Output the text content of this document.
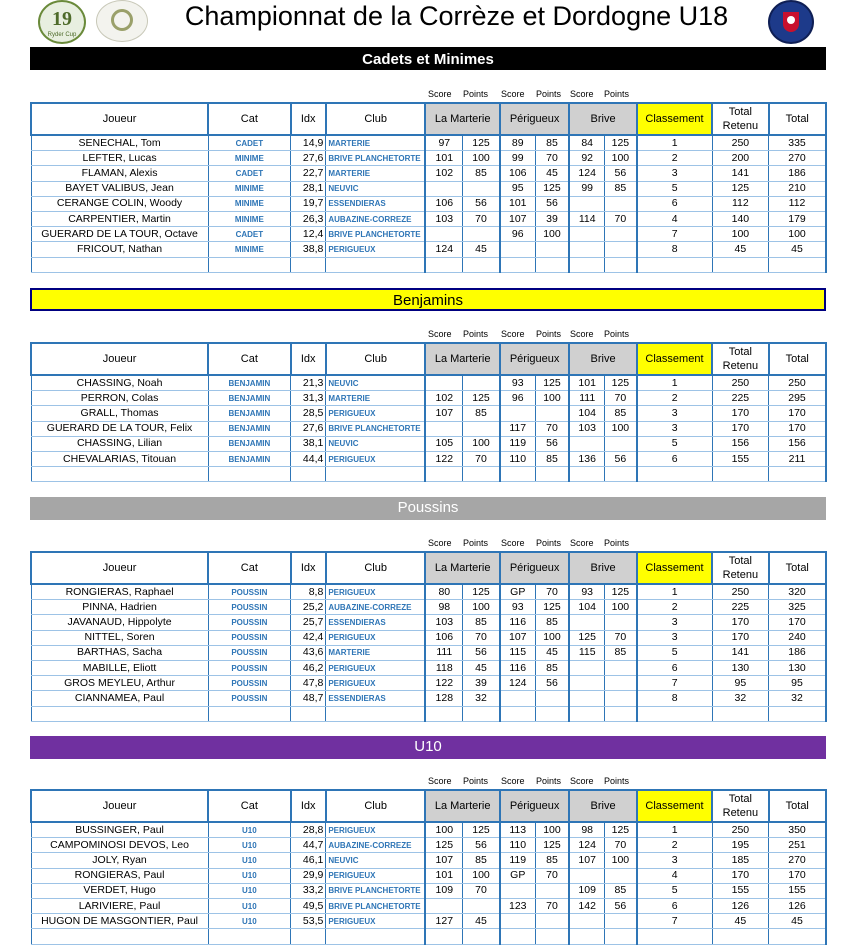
19
Ryder Cup
Championnat de la Corrèze et Dordogne U18
Cadets et Minimes
Score Points Score Points Score Points
Joueur	Cat	Idx	Club	La Marterie		Périgueux		Brive		Classement	Total Retenu	Total
SENECHAL, Tom	CADET	14,9	MARTERIE	97	125	89	85	84	125	1	250	335
LEFTER, Lucas	MINIME	27,6	BRIVE PLANCHETORTE	101	100	99	70	92	100	2	200	270
FLAMAN, Alexis	CADET	22,7	MARTERIE	102	85	106	45	124	56	3	141	186
BAYET VALIBUS, Jean	MINIME	28,1	NEUVIC			95	125	99	85	5	125	210
CERANGE COLIN, Woody	MINIME	19,7	ESSENDIERAS	106	56	101	56			6	112	112
CARPENTIER, Martin	MINIME	26,3	AUBAZINE-CORREZE	103	70	107	39	114	70	4	140	179
GUERARD DE LA TOUR, Octave	CADET	12,4	BRIVE PLANCHETORTE			96	100			7	100	100
FRICOUT, Nathan	MINIME	38,8	PERIGUEUX	124	45					8	45	45

Benjamins
Score Points Score Points Score Points
Joueur	Cat	Idx	Club	La Marterie		Périgueux		Brive		Classement	Total Retenu	Total
CHASSING, Noah	BENJAMIN	21,3	NEUVIC			93	125	101	125	1	250	250
PERRON, Colas	BENJAMIN	31,3	MARTERIE	102	125	96	100	111	70	2	225	295
GRALL, Thomas	BENJAMIN	28,5	PERIGUEUX	107	85			104	85	3	170	170
GUERARD DE LA TOUR, Felix	BENJAMIN	27,6	BRIVE PLANCHETORTE			117	70	103	100	3	170	170
CHASSING, Lilian	BENJAMIN	38,1	NEUVIC	105	100	119	56			5	156	156
CHEVALARIAS, Titouan	BENJAMIN	44,4	PERIGUEUX	122	70	110	85	136	56	6	155	211

Poussins
Score Points Score Points Score Points
Joueur	Cat	Idx	Club	La Marterie		Périgueux		Brive		Classement	Total Retenu	Total
RONGIERAS, Raphael	POUSSIN	8,8	PERIGUEUX	80	125	GP	70	93	125	1	250	320
PINNA, Hadrien	POUSSIN	25,2	AUBAZINE-CORREZE	98	100	93	125	104	100	2	225	325
JAVANAUD, Hippolyte	POUSSIN	25,7	ESSENDIERAS	103	85	116	85			3	170	170
NITTEL, Soren	POUSSIN	42,4	PERIGUEUX	106	70	107	100	125	70	3	170	240
BARTHAS, Sacha	POUSSIN	43,6	MARTERIE	111	56	115	45	115	85	5	141	186
MABILLE, Eliott	POUSSIN	46,2	PERIGUEUX	118	45	116	85			6	130	130
GROS MEYLEU, Arthur	POUSSIN	47,8	PERIGUEUX	122	39	124	56			7	95	95
CIANNAMEA, Paul	POUSSIN	48,7	ESSENDIERAS	128	32					8	32	32

U10
Score Points Score Points Score Points
Joueur	Cat	Idx	Club	La Marterie		Périgueux		Brive		Classement	Total Retenu	Total
BUSSINGER, Paul	U10	28,8	PERIGUEUX	100	125	113	100	98	125	1	250	350
CAMPOMINOSI DEVOS, Leo	U10	44,7	AUBAZINE-CORREZE	125	56	110	125	124	70	2	195	251
JOLY, Ryan	U10	46,1	NEUVIC	107	85	119	85	107	100	3	185	270
RONGIERAS, Paul	U10	29,9	PERIGUEUX	101	100	GP	70			4	170	170
VERDET, Hugo	U10	33,2	BRIVE PLANCHETORTE	109	70			109	85	5	155	155
LARIVIERE, Paul	U10	49,5	BRIVE PLANCHETORTE			123	70	142	56	6	126	126
HUGON DE MASGONTIER, Paul	U10	53,5	PERIGUEUX	127	45					7	45	45
